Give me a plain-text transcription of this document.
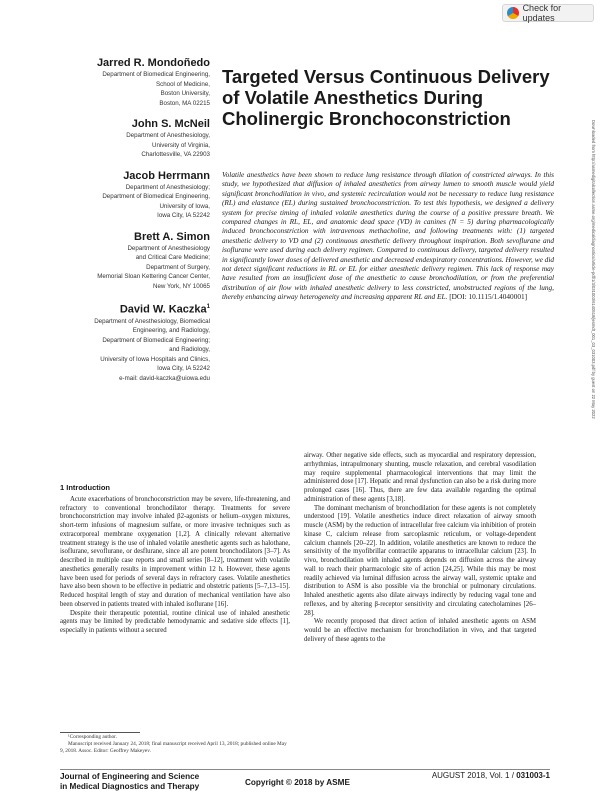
Check for updates
Downloaded from http://asmedigitalcollection.asme.org/medicaldiagnostics/article-pdf/1/3/031003/6140518/jesmdt_001_03_031003.pdf by guest on 22 May 2022
Jarred R. Mondoñedo
Department of Biomedical Engineering,
School of Medicine,
Boston University,
Boston, MA 02215
John S. McNeil
Department of Anesthesiology,
University of Virginia,
Charlottesville, VA 22903
Jacob Herrmann
Department of Anesthesiology;
Department of Biomedical Engineering,
University of Iowa,
Iowa City, IA 52242
Brett A. Simon
Department of Anesthesiology
and Critical Care Medicine;
Department of Surgery,
Memorial Sloan Kettering Cancer Center,
New York, NY 10065
David W. Kaczka$^1$
Department of Anesthesiology, Biomedical
Engineering, and Radiology,
Department of Biomedical Engineering;
and Radiology,
University of Iowa Hospitals and Clinics,
Iowa City, IA 52242
e-mail: david-kaczka@uiowa.edu
Targeted Versus Continuous Delivery of Volatile Anesthetics During Cholinergic Bronchoconstriction
Volatile anesthetics have been shown to reduce lung resistance through dilation of constricted airways. In this study, we hypothesized that diffusion of inhaled anesthetics from airway lumen to smooth muscle would yield significant bronchodilation in vivo, and systemic recirculation would not be necessary to reduce lung resistance (RL) and elastance (EL) during sustained bronchoconstriction. To test this hypothesis, we designed a delivery system for precise timing of inhaled volatile anesthetics during the course of a positive pressure breath. We compared changes in RL, EL, and anatomic dead space (VD) in canines (N = 5) during pharmacologically induced bronchoconstriction with intravenous methacholine, and following treatments with: (1) targeted anesthetic delivery to VD and (2) continuous anesthetic delivery throughout inspiration. Both sevoflurane and isoflurane were used during each delivery regimen. Compared to continuous delivery, targeted delivery resulted in significantly lower doses of delivered anesthetic and decreased endexpiratory concentrations. However, we did not detect significant reductions in RL or EL for either anesthetic delivery regimen. This lack of response may have resulted from an insufficient dose of the anesthetic to cause bronchodilation, or from the preferential distribution of air flow with inhaled anesthetic delivery to less constricted, unobstructed regions of the lung, thereby enhancing airway heterogeneity and increasing apparent RL and EL. [DOI: 10.1115/1.4040001]
1 Introduction

Acute exacerbations of bronchoconstriction may be severe, life-threatening, and refractory to conventional bronchodilator therapy. Treatments for severe bronchoconstriction may involve inhaled β2-agonists or helium–oxygen mixtures, short-term infusions of magnesium sulfate, or more invasive techniques such as extracorporeal membrane oxygenation [1,2]. A clinically relevant alternative treatment strategy is the use of inhaled volatile anesthetic agents such as halothane, isoflurane, sevoflurane, or desflurane, since all are potent bronchodilators [3–7]. As described in multiple case reports and small series [8–12], treatment with volatile anesthetics generally results in improvement within 12 h. However, these agents have been used for periods of several days in refractory cases. Volatile anesthetics have also been shown to be effective in pediatric and obstetric patients [5–7,13–15]. Reduced hospital length of stay and duration of mechanical ventilation have also been observed in patients treated with inhaled isoflurane [16].

Despite their therapeutic potential, routine clinical use of inhaled anesthetic agents may be limited by predictable hemodynamic and sedative side effects [1], especially in patients without a secured

¹Corresponding author.

Manuscript received January 24, 2018; final manuscript received April 13, 2018; published online May 9, 2018. Assoc. Editor: Geoffrey Makeyev.

airway. Other negative side effects, such as myocardial and respiratory depression, arrhythmias, intrapulmonary shunting, muscle relaxation, and cerebral vasodilation may require supplemental pharmacological interventions that may limit the administered dose [17]. Hepatic and renal dysfunction can also be a risk during more prolonged cases [16]. Thus, there are few data available regarding the optimal administration of these agents [3,18].

The dominant mechanism of bronchodilation for these agents is not completely understood [19]. Volatile anesthetics induce direct relaxation of airway smooth muscle (ASM) by the reduction of intracellular free calcium via inhibition of protein kinase C, calcium release from sarcoplasmic reticulum, or voltage-dependent calcium channels [20–22]. In addition, volatile anesthetics are known to reduce the sensitivity of the myofibrillar contractile apparatus to intracellular calcium [23]. In vivo, bronchodilation with inhaled agents depends on diffusion across the airway wall to reach their pharmacologic site of action [24,25]. While this may be most readily achieved via luminal diffusion across the airway wall, systemic uptake and distribution to ASM is also possible via the bronchial or pulmonary circulations. Inhaled anesthetic agents also dilate airways indirectly by reducing vagal tone and reflexes, and by altering β-receptor sensitivity and circulating catecholamines [26–28].

We recently proposed that direct action of inhaled anesthetic agents on ASM would be an effective mechanism for bronchodilation in vivo, and that targeted delivery of these agents to the

Journal of Engineering and Science
in Medical Diagnostics and Therapy	Copyright © 2018 by ASME
AUGUST 2018, Vol. 1 / 031003-1
